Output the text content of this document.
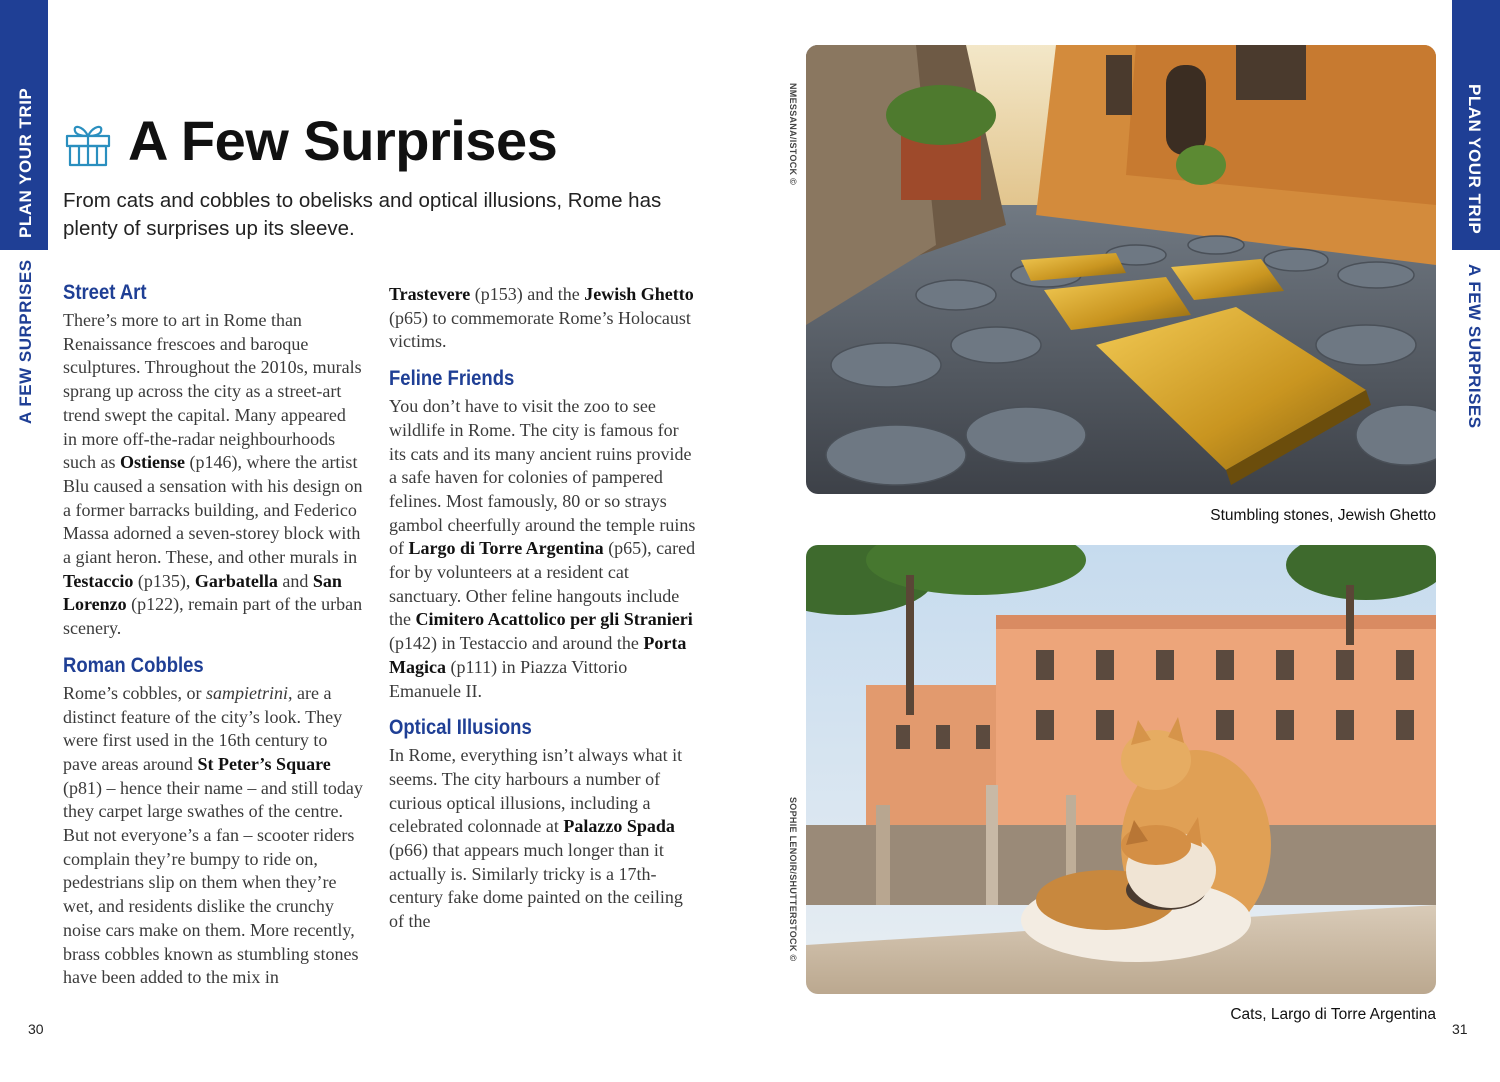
PLAN YOUR TRIP
A FEW SURPRISES
PLAN YOUR TRIP
A FEW SURPRISES
A Few Surprises

From cats and cobbles to obelisks and optical illusions, Rome has plenty of surprises up its sleeve.

Street Art

There’s more to art in Rome than Renaissance frescoes and baroque sculptures. Throughout the 2010s, murals sprang up across the city as a street-art trend swept the capital. Many appeared in more off-the-radar neighbourhoods such as Ostiense (p146), where the artist Blu caused a sensation with his design on a former barracks building, and Federico Massa adorned a seven-storey block with a giant heron. These, and other murals in Testaccio (p135), Garbatella and San Lorenzo (p122), remain part of the urban scenery.

Roman Cobbles

Rome’s cobbles, or sampietrini, are a distinct feature of the city’s look. They were first used in the 16th century to pave areas around St Peter’s Square (p81) – hence their name – and still today they carpet large swathes of the centre. But not everyone’s a fan – scooter riders complain they’re bumpy to ride on, pedestrians slip on them when they’re wet, and residents dislike the crunchy noise cars make on them. More recently, brass cobbles known as stumbling stones have been added to the mix in

Trastevere (p153) and the Jewish Ghetto (p65) to commemorate Rome’s Holocaust victims.

Feline Friends

You don’t have to visit the zoo to see wildlife in Rome. The city is famous for its cats and its many ancient ruins provide a safe haven for colonies of pampered felines. Most famously, 80 or so strays gambol cheerfully around the temple ruins of Largo di Torre Argentina (p65), cared for by volunteers at a resident cat sanctuary. Other feline hangouts include the Cimitero Acattolico per gli Stranieri (p142) in Testaccio and around the Porta Magica (p111) in Piazza Vittorio Emanuele II.

Optical Illusions

In Rome, everything isn’t always what it seems. The city harbours a number of curious optical illusions, including a celebrated colonnade at Palazzo Spada (p66) that appears much longer than it actually is. Similarly tricky is a 17th-century fake dome painted on the ceiling of the

30	31
Stumbling stones, Jewish Ghetto
NMESSANA/ISTOCK ©
Cats, Largo di Torre Argentina
SOPHIE LENOIR/SHUTTERSTOCK ©
